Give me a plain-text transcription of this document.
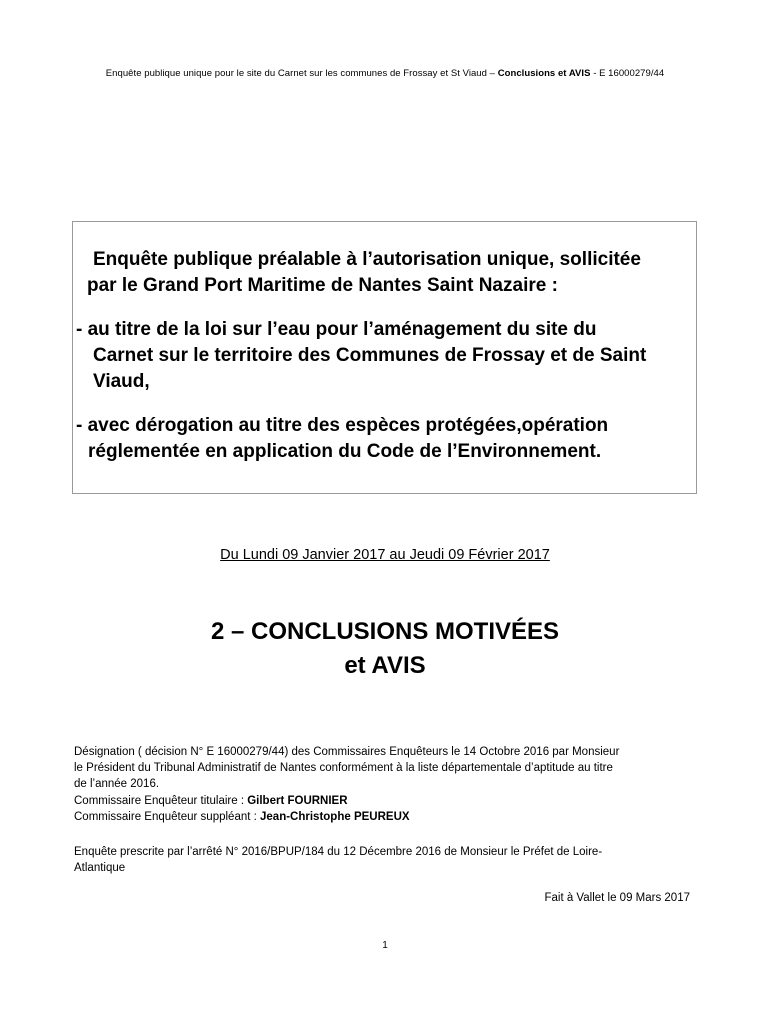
Enquête publique unique pour le site du Carnet sur les communes de Frossay et St Viaud – Conclusions et AVIS - E 16000279/44
Enquête publique préalable à l’autorisation unique, sollicitée
par le Grand Port Maritime de Nantes Saint Nazaire :
- au titre de la loi sur l’eau pour l’aménagement du site du
Carnet sur le territoire des Communes de Frossay et de Saint
Viaud,
- avec dérogation au titre des espèces protégées,opération
réglementée en application du Code de l’Environnement.
Du Lundi 09 Janvier 2017 au Jeudi 09 Février 2017
2 – CONCLUSIONS MOTIVÉES
et AVIS
Désignation ( décision N° E 16000279/44) des Commissaires Enquêteurs le 14 Octobre 2016 par Monsieur
le Président du Tribunal Administratif de Nantes conformément à la liste départementale d’aptitude au titre
de l’année 2016.
Commissaire Enquêteur titulaire : Gilbert FOURNIER
Commissaire Enquêteur suppléant : Jean-Christophe PEUREUX
Enquête prescrite par l’arrêté N° 2016/BPUP/184 du 12 Décembre 2016 de Monsieur le Préfet de Loire-
Atlantique
Fait à Vallet le 09 Mars 2017
1
